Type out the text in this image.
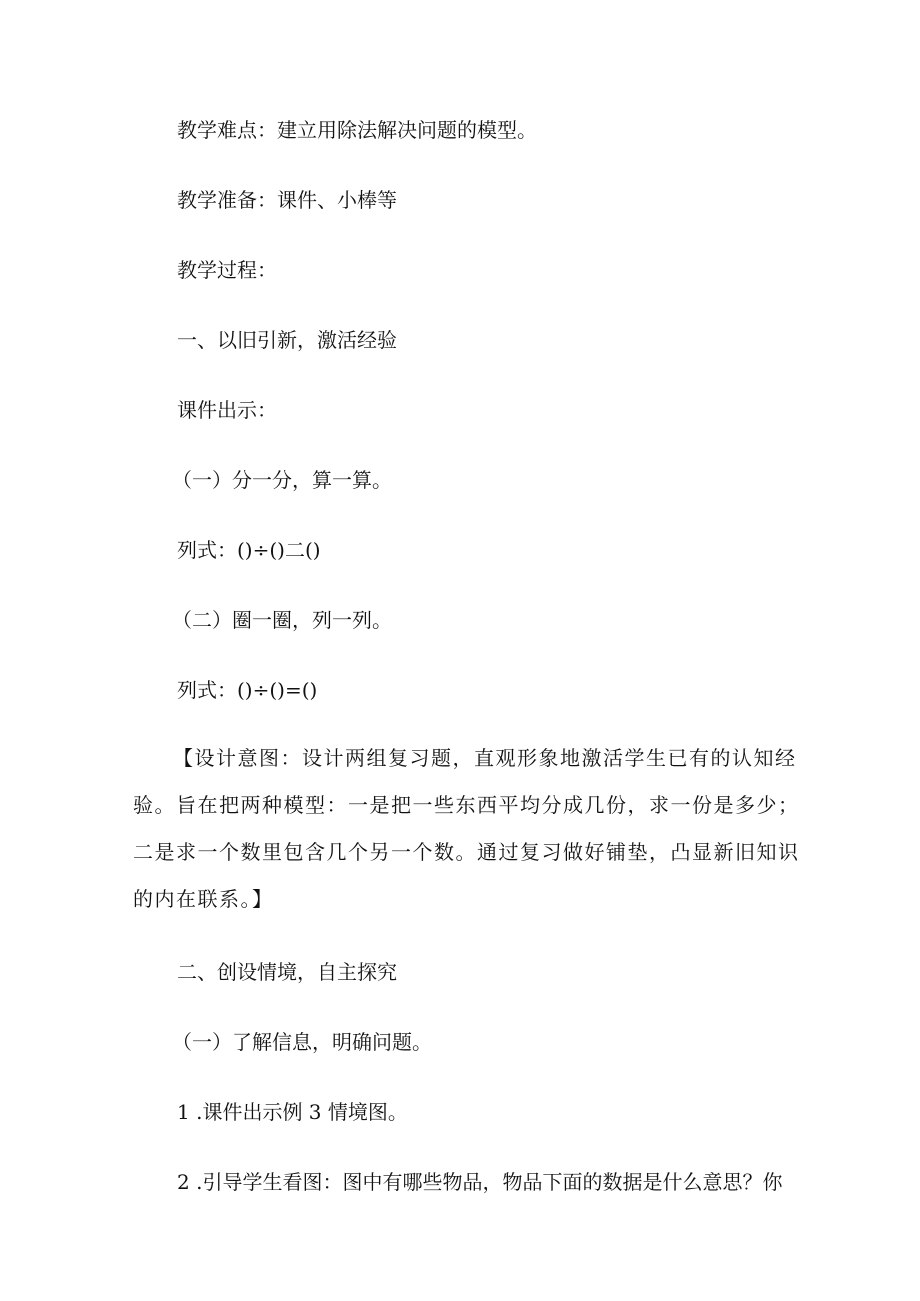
教学难点：建立用除法解决问题的模型。
教学准备：课件、小棒等
教学过程：
一、以旧引新，激活经验
课件出示：
（一）分一分，算一算。
列式：()÷()二()
（二）圈一圈，列一列。
列式：()÷()=()
【设计意图：设计两组复习题，直观形象地激活学生已有的认知经验。旨在把两种模型：一是把一些东西平均分成几份，求一份是多少；二是求一个数里包含几个另一个数。通过复习做好铺垫，凸显新旧知识的内在联系。】
二、创设情境，自主探究
（一）了解信息，明确问题。
1 .课件出示例 3 情境图。
2 .引导学生看图：图中有哪些物品，物品下面的数据是什么意思？你
